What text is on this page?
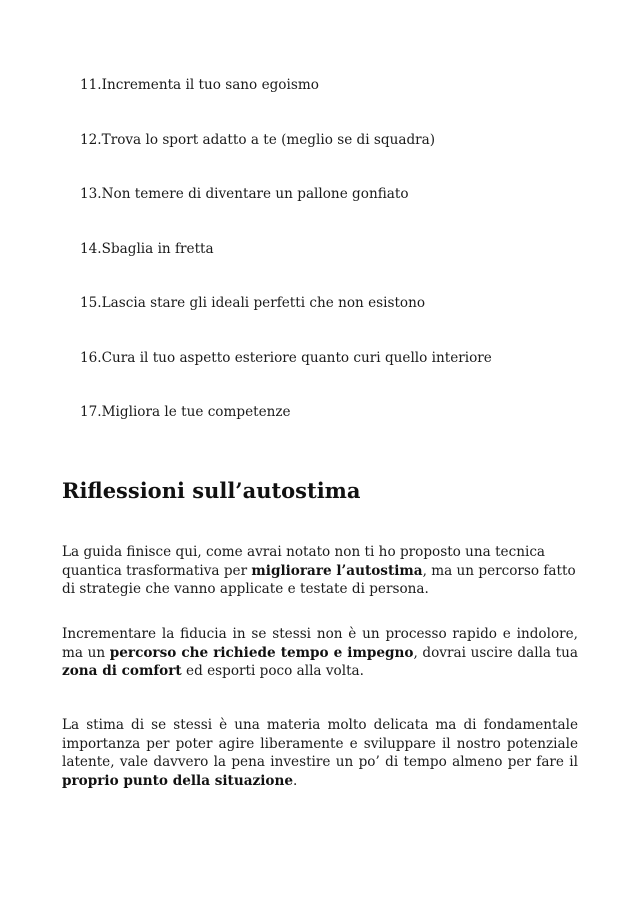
11.Incrementa il tuo sano egoismo
12.Trova lo sport adatto a te (meglio se di squadra)
13.Non temere di diventare un pallone gonfiato
14.Sbaglia in fretta
15.Lascia stare gli ideali perfetti che non esistono
16.Cura il tuo aspetto esteriore quanto curi quello interiore
17.Migliora le tue competenze
Riflessioni sull’autostima

La guida finisce qui, come avrai notato non ti ho proposto una tecnica quantica trasformativa per migliorare l’autostima, ma un percorso fatto di strategie che vanno applicate e testate di persona.

Incrementare la fiducia in se stessi non è un processo rapido e indolore, ma un percorso che richiede tempo e impegno, dovrai uscire dalla tua zona di comfort ed esporti poco alla volta.

La stima di se stessi è una materia molto delicata ma di fondamentale importanza per poter agire liberamente e sviluppare il nostro potenziale latente, vale davvero la pena investire un po’ di tempo almeno per fare il proprio punto della situazione.
